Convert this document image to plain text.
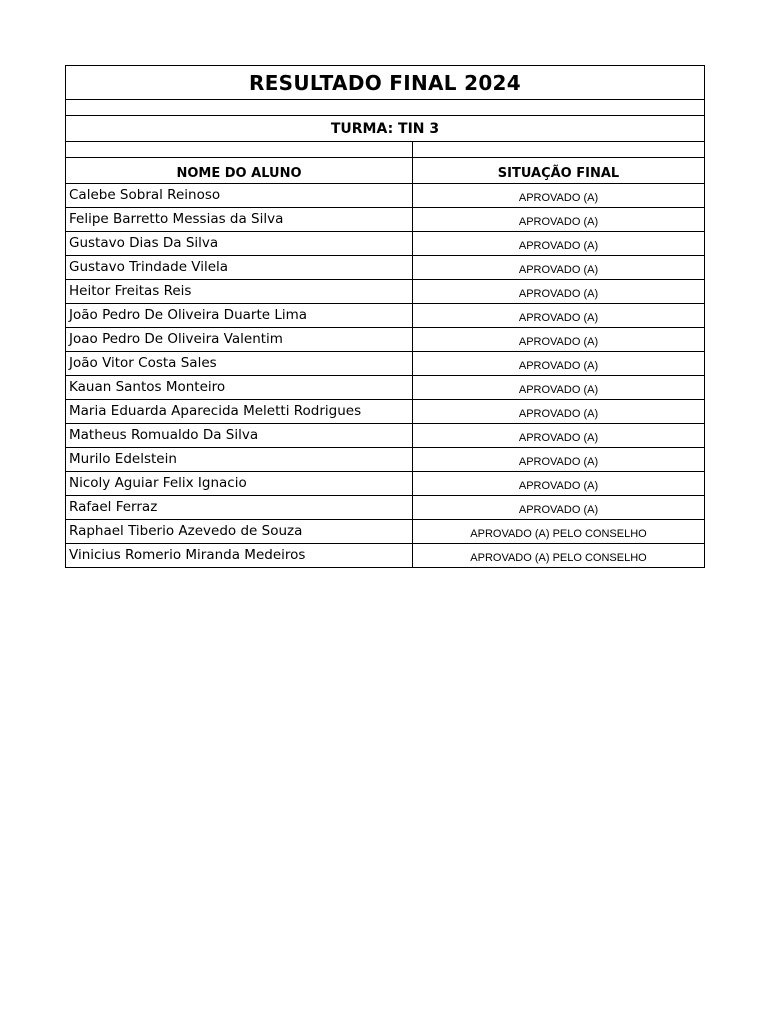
RESULTADO FINAL 2024	

TURMA: TIN 3	

NOME DO ALUNO	SITUAÇÃO FINAL
Calebe Sobral Reinoso	APROVADO (A)
Felipe Barretto Messias da Silva	APROVADO (A)
Gustavo Dias Da Silva	APROVADO (A)
Gustavo Trindade Vilela	APROVADO (A)
Heitor Freitas Reis	APROVADO (A)
João Pedro De Oliveira Duarte Lima	APROVADO (A)
Joao Pedro De Oliveira Valentim	APROVADO (A)
João Vitor Costa Sales	APROVADO (A)
Kauan Santos Monteiro	APROVADO (A)
Maria Eduarda Aparecida Meletti Rodrigues	APROVADO (A)
Matheus Romualdo Da Silva	APROVADO (A)
Murilo Edelstein	APROVADO (A)
Nicoly Aguiar Felix Ignacio	APROVADO (A)
Rafael Ferraz	APROVADO (A)
Raphael Tiberio Azevedo de Souza	APROVADO (A) PELO CONSELHO
Vinicius Romerio Miranda Medeiros	APROVADO (A) PELO CONSELHO
